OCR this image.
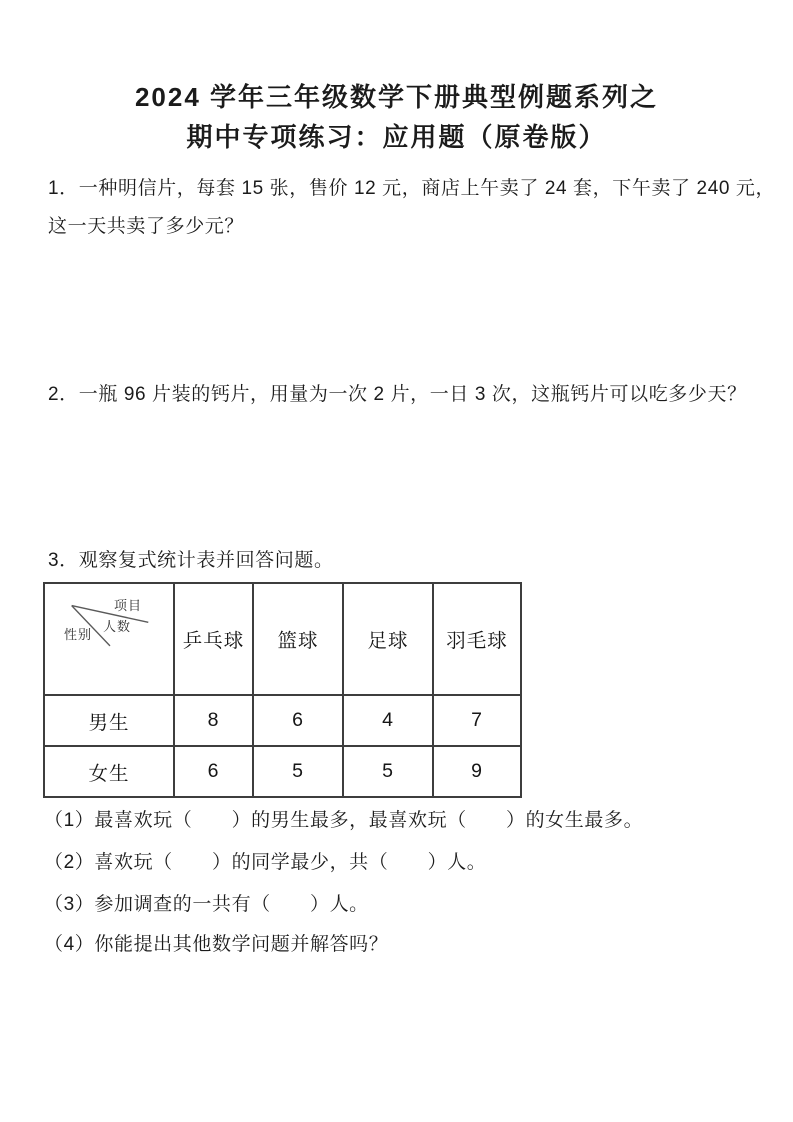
2024 学年三年级数学下册典型例题系列之
期中专项练习：应用题（原卷版）
1．一种明信片，每套 15 张，售价 12 元，商店上午卖了 24 套，下午卖了 240 元，
这一天共卖了多少元？
2．一瓶 96 片装的钙片，用量为一次 2 片，一日 3 次，这瓶钙片可以吃多少天？
3．观察复式统计表并回答问题。
项目
人数
性别	乒乓球	篮球	足球	羽毛球
男生	8	6	4	7
女生	6	5	5	9
（1）最喜欢玩（　　）的男生最多，最喜欢玩（　　）的女生最多。
（2）喜欢玩（　　）的同学最少，共（　　）人。
（3）参加调查的一共有（　　）人。
（4）你能提出其他数学问题并解答吗？
